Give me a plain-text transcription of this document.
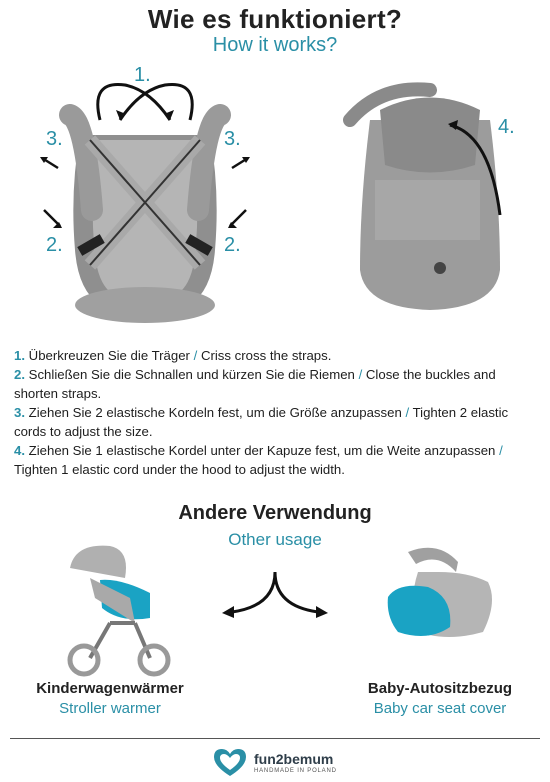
Wie es funktioniert?
How it works?
1.
3.	3.
2.	2.
4.

1. Überkreuzen Sie die Träger / Criss cross the straps.

2. Schließen Sie die Schnallen und kürzen Sie die Riemen / Close the buckles and shorten straps.

3. Ziehen Sie 2 elastische Kordeln fest, um die Größe anzupassen / Tighten 2 elastic cords to adjust the size.

4. Ziehen Sie 1 elastische Kordel unter der Kapuze fest, um die Weite anzupassen / Tighten 1 elastic cord under the hood to adjust the width.

Andere Verwendung
Other usage
Kinderwagenwärmer
Stroller warmer
Baby-Autositzbezug
Baby car seat cover
fun2bemum
HANDMADE IN POLAND
